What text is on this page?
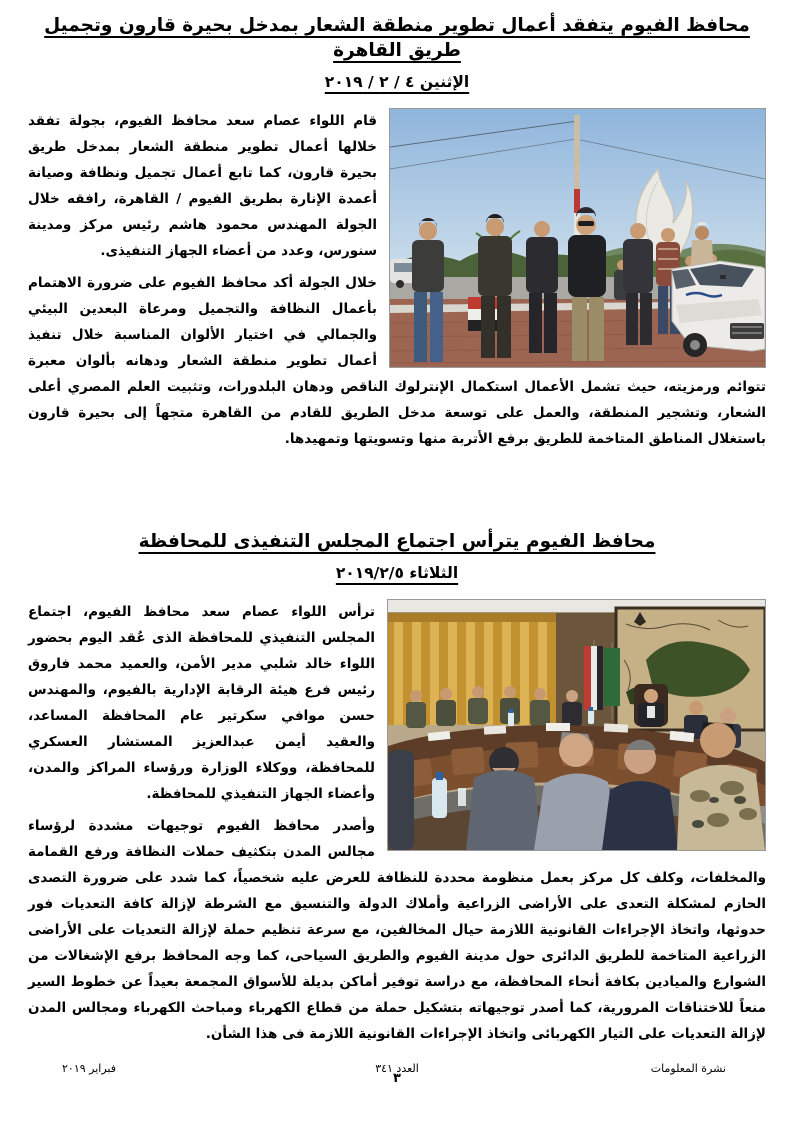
محافظ الفيوم يتفقد أعمال تطوير منطقة الشعار بمدخل بحيرة قارون وتجميل طريق القاهرة
الإثنين ٤ / ٢ / ٢٠١٩

قام اللواء عصام سعد محافظ الفيوم، بجولة تفقد خلالها أعمال تطوير منطقة الشعار بمدخل طريق بحيرة قارون، كما تابع أعمال تجميل ونظافة وصيانة أعمدة الإنارة بطريق الفيوم / القاهرة، رافقه خلال الجولة المهندس محمود هاشم رئيس مركز ومدينة سنورس، وعدد من أعضاء الجهاز التنفيذى.

خلال الجولة أكد محافظ الفيوم على ضرورة الاهتمام بأعمال النظافة والتجميل ومرعاة البعدين البيئي والجمالي في اختيار الألوان المناسبة خلال تنفيذ أعمال تطوير منطقة الشعار ودهانه بألوان معبرة تتوائم ورمزيته، حيث تشمل الأعمال استكمال الإنترلوك الناقص ودهان البلدورات، وتثبيت العلم المصري أعلى الشعار، وتشجير المنطقة، والعمل على توسعة مدخل الطريق للقادم من القاهرة متجهاً إلى بحيرة قارون باستغلال المناطق المتاخمة للطريق برفع الأتربة منها وتسويتها وتمهيدها.

محافظ الفيوم يترأس اجتماع المجلس التنفيذى للمحافظة
الثلاثاء ٢٠١٩/٢/٥

ترأس اللواء عصام سعد محافظ الفيوم، اجتماع المجلس التنفيذي للمحافظة الذى عُقد اليوم بحضور اللواء خالد شلبي مدير الأمن، والعميد محمد فاروق رئيس فرع هيئة الرقابة الإدارية بالفيوم، والمهندس حسن موافي سكرتير عام المحافظة المساعد، والعقيد أيمن عبدالعزيز المستشار العسكري للمحافظة، ووكلاء الوزارة ورؤساء المراكز والمدن، وأعضاء الجهاز التنفيذي للمحافظة.

وأصدر محافظ الفيوم توجيهات مشددة لرؤساء مجالس المدن بتكثيف حملات النظافة ورفع القمامة والمخلفات، وكلف كل مركز بعمل منظومة محددة للنظافة للعرض عليه شخصياً، كما شدد على ضرورة التصدى الحازم لمشكلة التعدى على الأراضى الزراعية وأملاك الدولة والتنسيق مع الشرطة لإزالة كافة التعديات فور حدوثها، واتخاذ الإجراءات القانونية اللازمة حيال المخالفين، مع سرعة تنظيم حملة لإزالة التعديات على الأراضى الزراعية المتاخمة للطريق الدائرى حول مدينة الفيوم والطريق السياحى، كما وجه المحافظ برفع الإشغالات من الشوارع والميادين بكافة أنحاء المحافظة، مع دراسة توفير أماكن بديلة للأسواق المجمعة بعيداً عن خطوط السير منعاً للاختناقات المرورية، كما أصدر توجيهاته بتشكيل حملة من قطاع الكهرباء ومباحث الكهرباء ومجالس المدن لإزالة التعديات على التيار الكهربائى واتخاذ الإجراءات القانونية اللازمة فى هذا الشأن.

٣
نشرة المعلومات
العدد ٣٤١
فبراير ٢٠١٩
